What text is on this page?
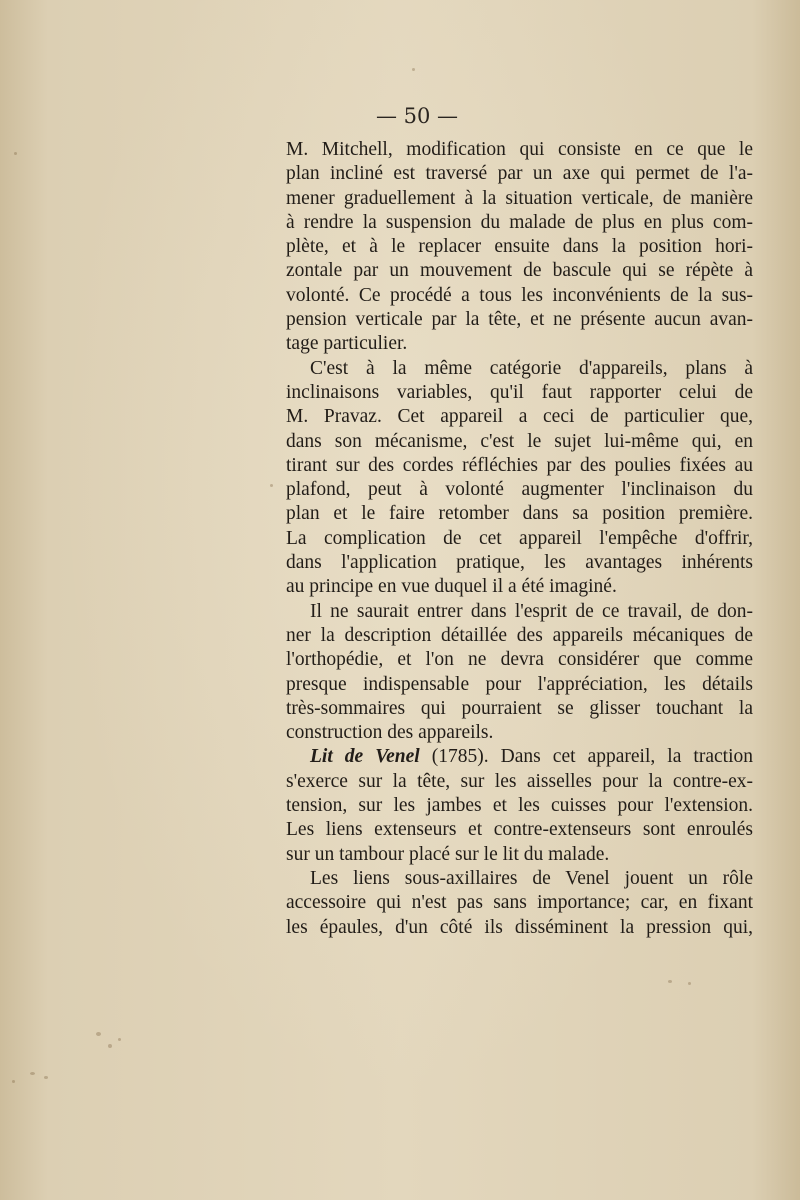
— 50 —

M. Mitchell, modification qui consiste en ce que le
plan incliné est traversé par un axe qui permet de l'a-
mener graduellement à la situation verticale, de manière
à rendre la suspension du malade de plus en plus com-
plète, et à le replacer ensuite dans la position hori-
zontale par un mouvement de bascule qui se répète à
volonté. Ce procédé a tous les inconvénients de la sus-
pension verticale par la tête, et ne présente aucun avan-
tage particulier.

C'est à la même catégorie d'appareils, plans à
inclinaisons variables, qu'il faut rapporter celui de
M. Pravaz. Cet appareil a ceci de particulier que,
dans son mécanisme, c'est le sujet lui-même qui, en
tirant sur des cordes réfléchies par des poulies fixées au
plafond, peut à volonté augmenter l'inclinaison du
plan et le faire retomber dans sa position première.
La complication de cet appareil l'empêche d'offrir,
dans l'application pratique, les avantages inhérents
au principe en vue duquel il a été imaginé.

Il ne saurait entrer dans l'esprit de ce travail, de don-
ner la description détaillée des appareils mécaniques de
l'orthopédie, et l'on ne devra considérer que comme
presque indispensable pour l'appréciation, les détails
très-sommaires qui pourraient se glisser touchant la
construction des appareils.

Lit de Venel (1785). Dans cet appareil, la traction
s'exerce sur la tête, sur les aisselles pour la contre-ex-
tension, sur les jambes et les cuisses pour l'extension.
Les liens extenseurs et contre-extenseurs sont enroulés
sur un tambour placé sur le lit du malade.

Les liens sous-axillaires de Venel jouent un rôle
accessoire qui n'est pas sans importance; car, en fixant
les épaules, d'un côté ils disséminent la pression qui,
